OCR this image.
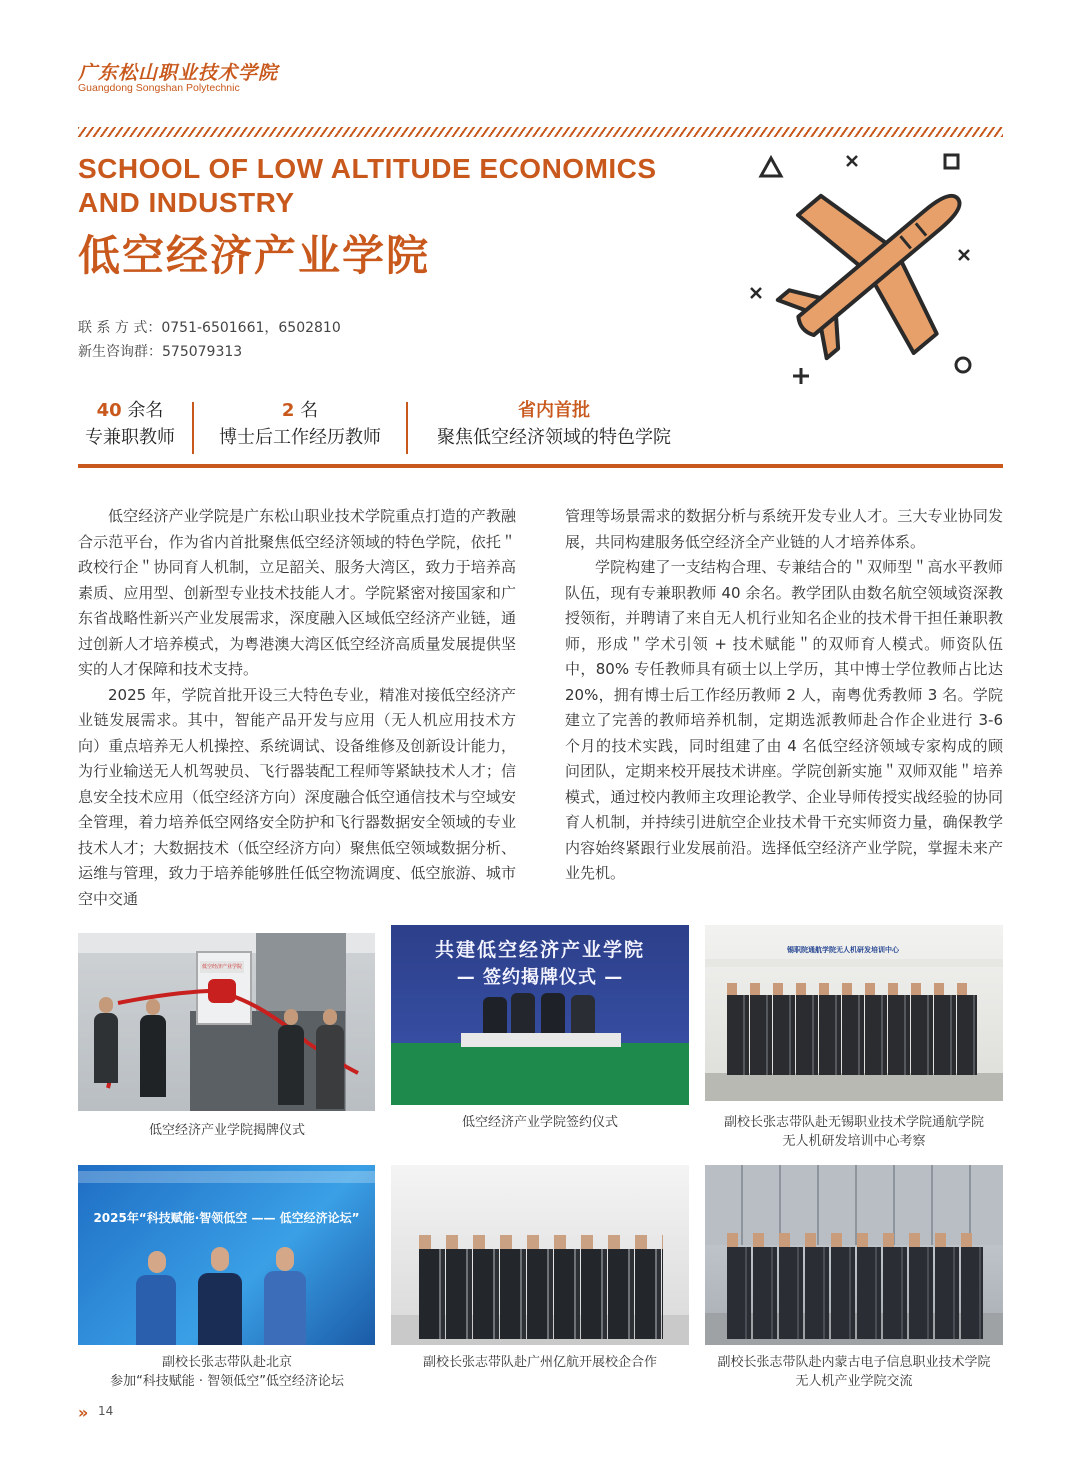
广东松山职业技术学院
Guangdong Songshan Polytechnic
SCHOOL OF LOW ALTITUDE ECONOMICS
AND INDUSTRY
低空经济产业学院
联 系 方 式：0751-6501661，6502810
新生咨询群：575079313
40 余名
专兼职教师
2 名
博士后工作经历教师
省内首批
聚焦低空经济领域的特色学院

低空经济产业学院是广东松山职业技术学院重点打造的产教融合示范平台，作为省内首批聚焦低空经济领域的特色学院，依托＂政校行企＂协同育人机制，立足韶关、服务大湾区，致力于培养高素质、应用型、创新型专业技术技能人才。学院紧密对接国家和广东省战略性新兴产业发展需求，深度融入区域低空经济产业链，通过创新人才培养模式，为粤港澳大湾区低空经济高质量发展提供坚实的人才保障和技术支持。

2025 年，学院首批开设三大特色专业，精准对接低空经济产业链发展需求。其中，智能产品开发与应用（无人机应用技术方向）重点培养无人机操控、系统调试、设备维修及创新设计能力，为行业输送无人机驾驶员、飞行器装配工程师等紧缺技术人才；信息安全技术应用（低空经济方向）深度融合低空通信技术与空域安全管理，着力培养低空网络安全防护和飞行器数据安全领域的专业技术人才；大数据技术（低空经济方向）聚焦低空领域数据分析、运维与管理，致力于培养能够胜任低空物流调度、低空旅游、城市空中交通

管理等场景需求的数据分析与系统开发专业人才。三大专业协同发展，共同构建服务低空经济全产业链的人才培养体系。

学院构建了一支结构合理、专兼结合的＂双师型＂高水平教师队伍，现有专兼职教师 40 余名。教学团队由数名航空领域资深教授领衔，并聘请了来自无人机行业知名企业的技术骨干担任兼职教师，形成＂学术引领 + 技术赋能＂的双师育人模式。师资队伍中，80% 专任教师具有硕士以上学历，其中博士学位教师占比达 20%，拥有博士后工作经历教师 2 人，南粤优秀教师 3 名。学院建立了完善的教师培养机制，定期选派教师赴合作企业进行 3-6 个月的技术实践，同时组建了由 4 名低空经济领域专家构成的顾问团队，定期来校开展技术讲座。学院创新实施＂双师双能＂培养模式，通过校内教师主攻理论教学、企业导师传授实战经验的协同育人机制，并持续引进航空企业技术骨干充实师资力量，确保教学内容始终紧跟行业发展前沿。选择低空经济产业学院，掌握未来产业先机。

低空经济产业学院
低空经济产业学院揭牌仪式
共建低空经济产业学院
— 签约揭牌仪式 —
低空经济产业学院签约仪式
锡职院通航学院无人机研发培训中心
副校长张志带队赴无锡职业技术学院通航学院
无人机研发培训中心考察
2025年“科技赋能·智领低空 —— 低空经济论坛”
副校长张志带队赴北京
参加“科技赋能 · 智领低空”低空经济论坛
副校长张志带队赴广州亿航开展校企合作	副校长张志带队赴内蒙古电子信息职业技术学院
无人机产业学院交流
» 14
